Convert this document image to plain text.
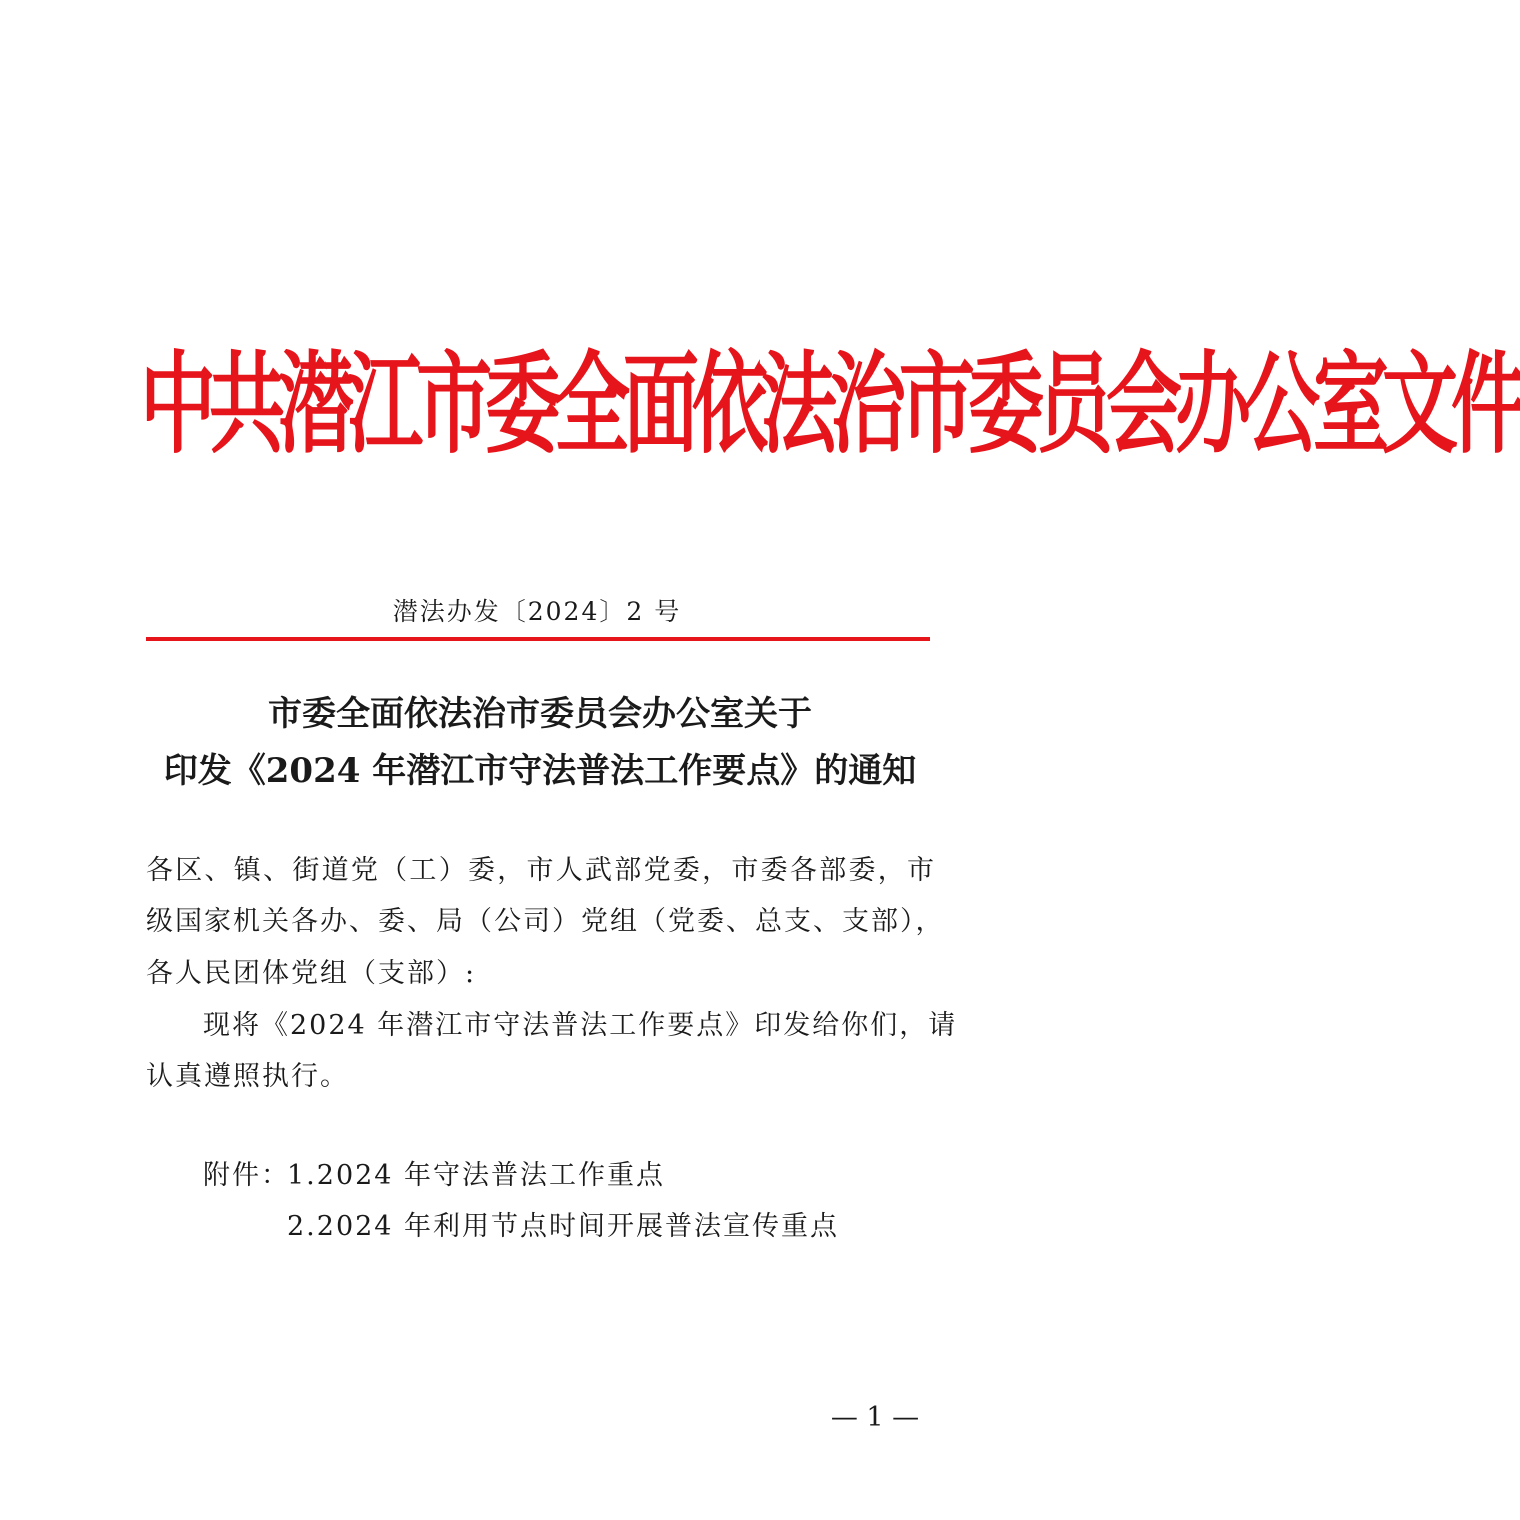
中共潜江市委全面依法治市委员会办公室文件
潜法办发〔2024〕2 号
市委全面依法治市委员会办公室关于
印发《2024 年潜江市守法普法工作要点》的通知
各区、镇、街道党（工）委，市人武部党委，市委各部委，市
级国家机关各办、委、局（公司）党组（党委、总支、支部），
各人民团体党组（支部）:
现将《2024 年潜江市守法普法工作要点》印发给你们，请
认真遵照执行。
附件：
1.2024 年守法普法工作重点
2.2024 年利用节点时间开展普法宣传重点
— 1 —
